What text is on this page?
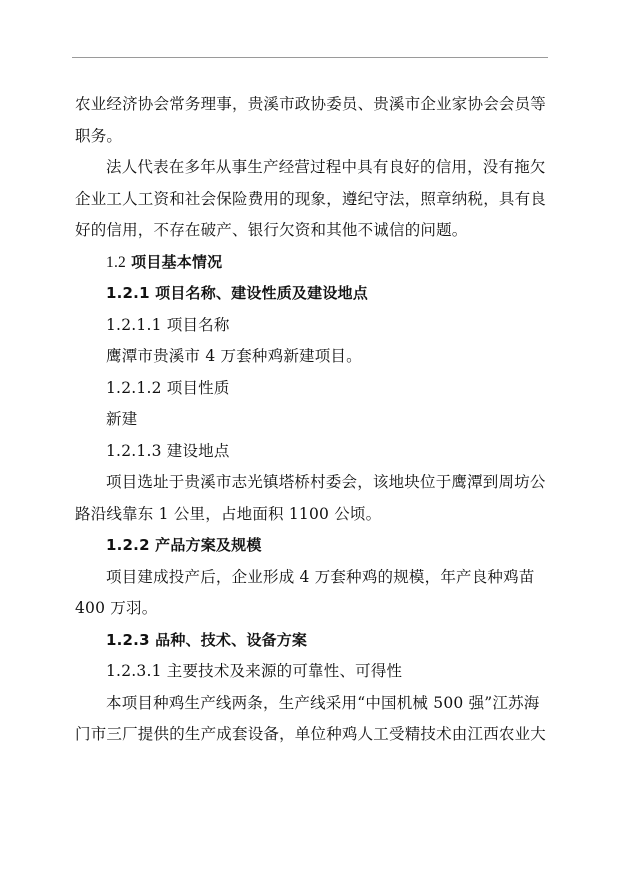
农业经济协会常务理事，贵溪市政协委员、贵溪市企业家协会会员等
职务。
法人代表在多年从事生产经营过程中具有良好的信用，没有拖欠
企业工人工资和社会保险费用的现象，遵纪守法，照章纳税，具有良
好的信用，不存在破产、银行欠资和其他不诚信的问题。
1.2 项目基本情况
1.2.1 项目名称、建设性质及建设地点
1.2.1.1 项目名称
鹰潭市贵溪市 4 万套种鸡新建项目。
1.2.1.2 项目性质
新建
1.2.1.3 建设地点
项目选址于贵溪市志光镇塔桥村委会，该地块位于鹰潭到周坊公
路沿线靠东 1 公里，占地面积 1100 公顷。
1.2.2 产品方案及规模
项目建成投产后，企业形成 4 万套种鸡的规模，年产良种鸡苗
400 万羽。
1.2.3 品种、技术、设备方案
1.2.3.1 主要技术及来源的可靠性、可得性
本项目种鸡生产线两条，生产线采用“中国机械 500 强”江苏海
门市三厂提供的生产成套设备，单位种鸡人工受精技术由江西农业大
